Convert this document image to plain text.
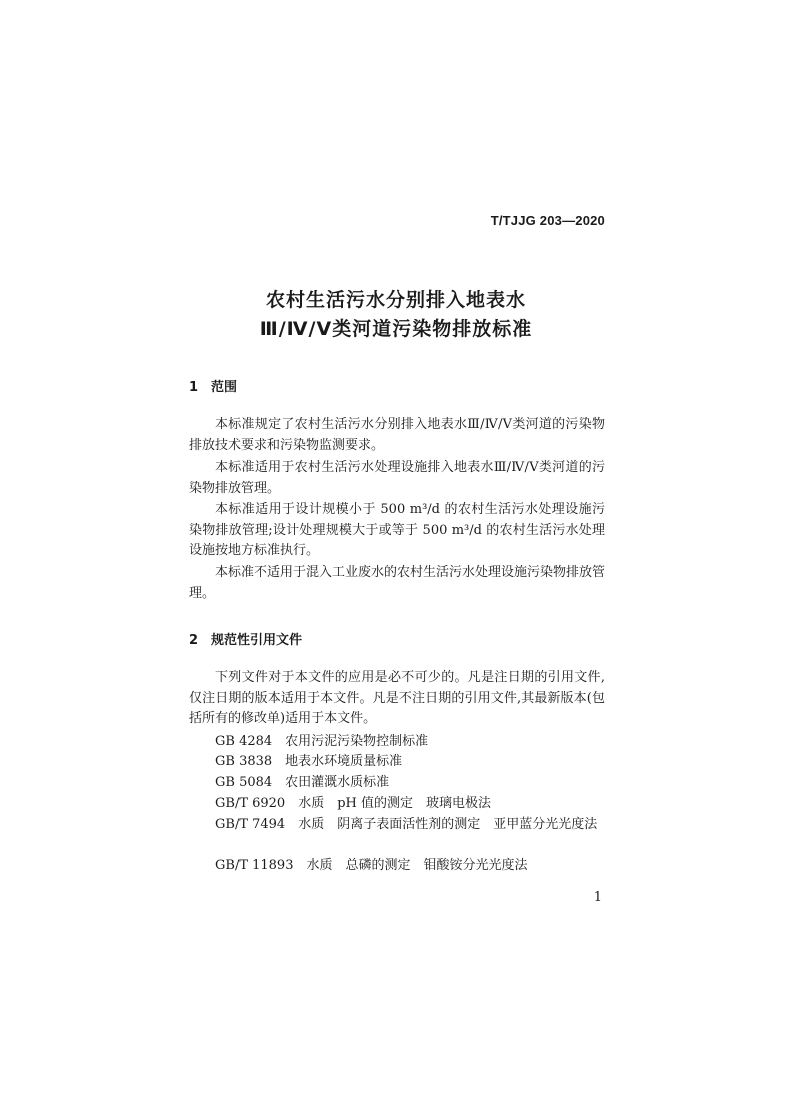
T/TJJG 203—2020
农村生活污水分别排入地表水
Ⅲ/Ⅳ/Ⅴ类河道污染物排放标准
1 范围
本标准规定了农村生活污水分别排入地表水Ⅲ/Ⅳ/Ⅴ类河道的污染物排放技术要求和污染物监测要求。
本标准适用于农村生活污水处理设施排入地表水Ⅲ/Ⅳ/Ⅴ类河道的污染物排放管理。
本标准适用于设计规模小于 500 m³/d 的农村生活污水处理设施污染物排放管理;设计处理规模大于或等于 500 m³/d 的农村生活污水处理设施按地方标准执行。
本标准不适用于混入工业废水的农村生活污水处理设施污染物排放管理。
2 规范性引用文件
下列文件对于本文件的应用是必不可少的。凡是注日期的引用文件,仅注日期的版本适用于本文件。凡是不注日期的引用文件,其最新版本(包括所有的修改单)适用于本文件。
GB 4284　农用污泥污染物控制标准
GB 3838　地表水环境质量标准
GB 5084　农田灌溉水质标准
GB/T 6920　水质　pH 值的测定　玻璃电极法
GB/T 7494　水质　阴离子表面活性剂的测定　亚甲蓝分光光度法
GB/T 11893　水质　总磷的测定　钼酸铵分光光度法
1
